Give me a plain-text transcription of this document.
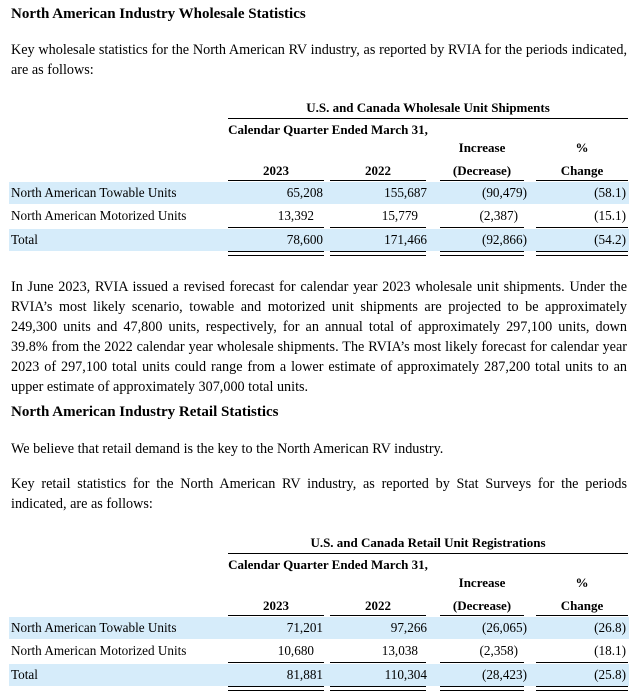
North American Industry Wholesale Statistics

Key wholesale statistics for the North American RV industry, as reported by RVIA for the periods indicated, are as follows:

U.S. and Canada Wholesale Unit Shipments
Calendar Quarter Ended March 31,
Increase	%
2023	2022	(Decrease)	Change
North American Towable Units	65,208	155,687	(90,479)	(58.1)
North American Motorized Units	13,392	15,779	(2,387)	(15.1)
Total	78,600	171,466	(92,866)	(54.2)

In June 2023, RVIA issued a revised forecast for calendar year 2023 wholesale unit shipments. Under the RVIA’s most likely scenario, towable and motorized unit shipments are projected to be approximately 249,300 units and 47,800 units, respectively, for an annual total of approximately 297,100 units, down 39.8% from the 2022 calendar year wholesale shipments. The RVIA’s most likely forecast for calendar year 2023 of 297,100 total units could range from a lower estimate of approximately 287,200 total units to an upper estimate of approximately 307,000 total units.

North American Industry Retail Statistics

We believe that retail demand is the key to the North American RV industry.

Key retail statistics for the North American RV industry, as reported by Stat Surveys for the periods indicated, are as follows:

U.S. and Canada Retail Unit Registrations
Calendar Quarter Ended March 31,
Increase	%
2023	2022	(Decrease)	Change
North American Towable Units	71,201	97,266	(26,065)	(26.8)
North American Motorized Units	10,680	13,038	(2,358)	(18.1)
Total	81,881	110,304	(28,423)	(25.8)
